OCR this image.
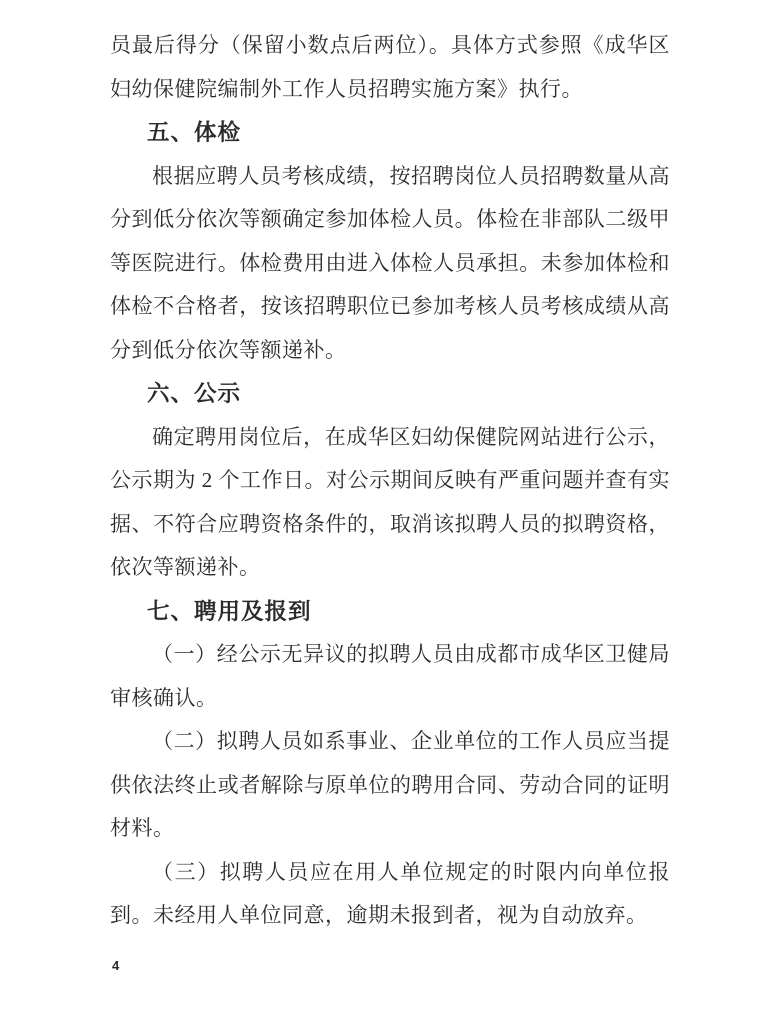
员最后得分（保留小数点后两位）。具体方式参照《成华区
妇幼保健院编制外工作人员招聘实施方案》执行。
五、体检
根据应聘人员考核成绩，按招聘岗位人员招聘数量从高
分到低分依次等额确定参加体检人员。体检在非部队二级甲
等医院进行。体检费用由进入体检人员承担。未参加体检和
体检不合格者，按该招聘职位已参加考核人员考核成绩从高
分到低分依次等额递补。
六、公示
确定聘用岗位后，在成华区妇幼保健院网站进行公示，
公示期为 2 个工作日。对公示期间反映有严重问题并查有实
据、不符合应聘资格条件的，取消该拟聘人员的拟聘资格，
依次等额递补。
七、聘用及报到
（一）经公示无异议的拟聘人员由成都市成华区卫健局
审核确认。
（二）拟聘人员如系事业、企业单位的工作人员应当提
供依法终止或者解除与原单位的聘用合同、劳动合同的证明
材料。
（三）拟聘人员应在用人单位规定的时限内向单位报
到。未经用人单位同意，逾期未报到者，视为自动放弃。
4
